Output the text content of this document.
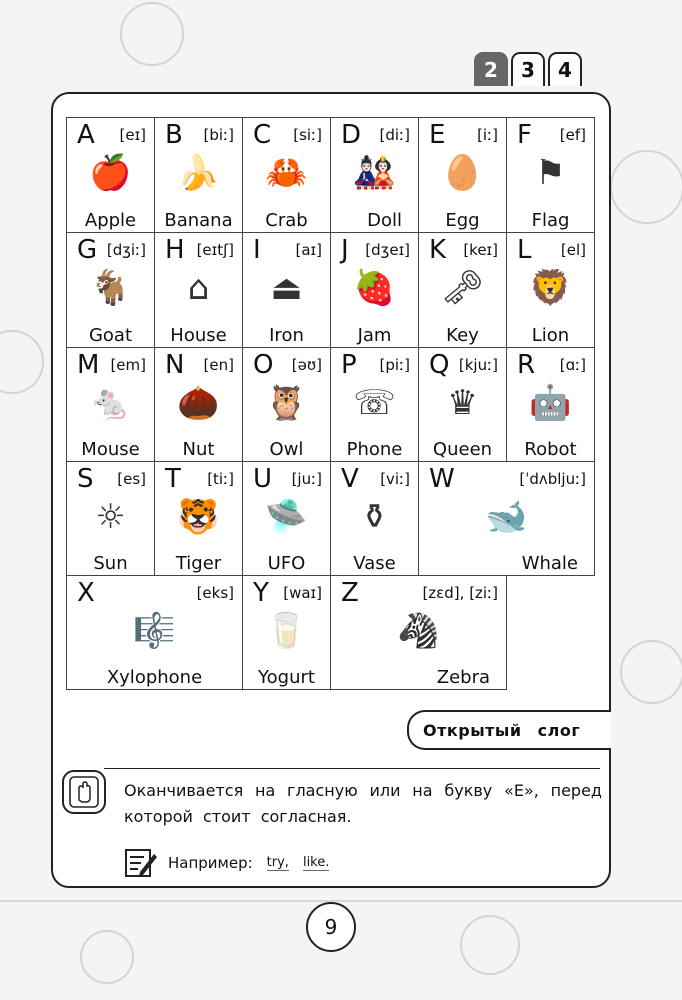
2	3	4
A [eɪ]
🍎
Apple
B [biː]
🍌
Banana
C [siː]
🦀
Crab
D [diː]
🎎
Doll
E [iː]
🥚
Egg
F [ef]
⚑
Flag
G [dʒiː]
🐐
Goat
H [eɪtʃ]
⌂
House
I [aɪ]
⏏
Iron
J [dʒeɪ]
🍓
Jam
K [keɪ]
🗝
Key
L [el]
🦁
Lion
M [em]
🐁
Mouse
N [en]
🌰
Nut
O [əʊ]
🦉
Owl
P [piː]
☏
Phone
Q [kjuː]
♛
Queen
R [ɑː]
🤖
Robot
S [es]
☼
Sun
T [tiː]
🐯
Tiger
U [juː]
🛸
UFO
V [viː]
⚱
Vase
W	[ˈdʌbljuː]
🐋
Whale
X	[eks]
🎼
Xylophone
Y [waɪ]
🥛
Yogurt
Z	[zɛd], [ziː]
🦓
Zebra
Открытый слог
Оканчивается на гласную или на букву «E», перед которой стоит согласная.
Например: try, like.
9
